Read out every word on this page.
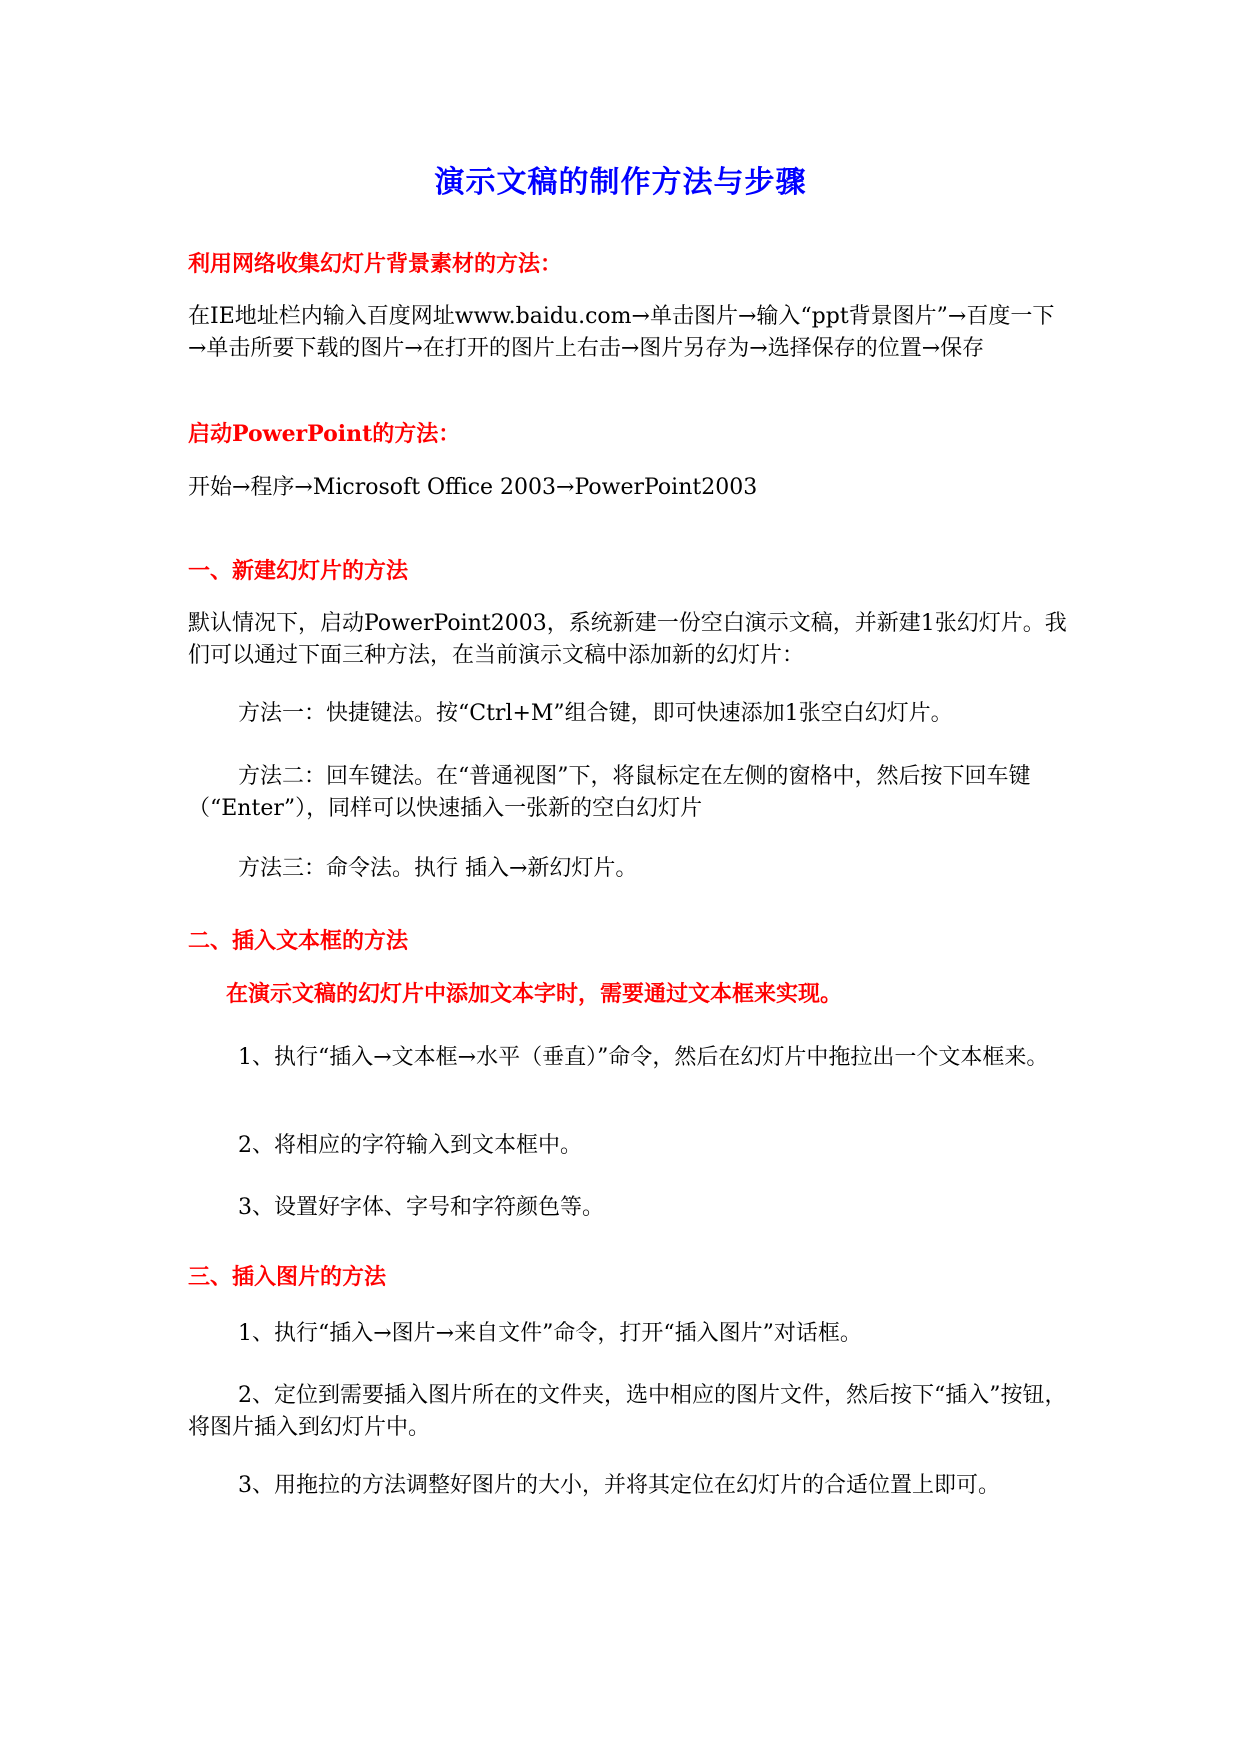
演示文稿的制作方法与步骤
利用网络收集幻灯片背景素材的方法：
在IE地址栏内输入百度网址www.baidu.com→单击图片→输入“ppt背景图片”→百度一下→单击所要下载的图片→在打开的图片上右击→图片另存为→选择保存的位置→保存
启动PowerPoint的方法：
开始→程序→Microsoft Office 2003→PowerPoint2003
一、新建幻灯片的方法
默认情况下，启动PowerPoint2003，系统新建一份空白演示文稿，并新建1张幻灯片。我们可以通过下面三种方法，在当前演示文稿中添加新的幻灯片：
方法一：快捷键法。按“Ctrl+M”组合键，即可快速添加1张空白幻灯片。
方法二：回车键法。在“普通视图”下，将鼠标定在左侧的窗格中，然后按下回车键（“Enter”），同样可以快速插入一张新的空白幻灯片
方法三：命令法。执行 插入→新幻灯片。
二、插入文本框的方法
在演示文稿的幻灯片中添加文本字时，需要通过文本框来实现。
1、执行“插入→文本框→水平（垂直）”命令，然后在幻灯片中拖拉出一个文本框来。
2、将相应的字符输入到文本框中。
3、设置好字体、字号和字符颜色等。
三、插入图片的方法
1、执行“插入→图片→来自文件”命令，打开“插入图片”对话框。
2、定位到需要插入图片所在的文件夹，选中相应的图片文件，然后按下“插入”按钮，将图片插入到幻灯片中。
3、用拖拉的方法调整好图片的大小，并将其定位在幻灯片的合适位置上即可。
